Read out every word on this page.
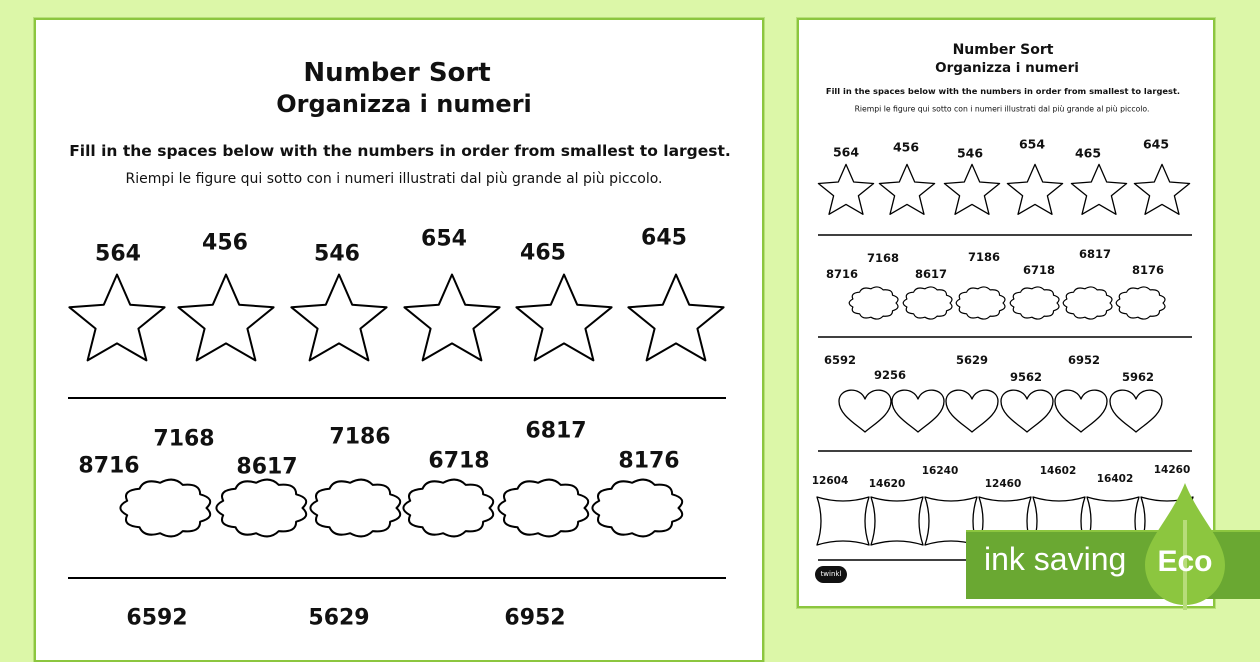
Number Sort
Organizza i numeri
Fill in the spaces below with the numbers in order from smallest to largest.
Riempi le figure qui sotto con i numeri illustrati dal più grande al più piccolo.
Number Sort
Organizza i numeri
Fill in the spaces below with the numbers in order from smallest to largest.
Riempi le figure qui sotto con i numeri illustrati dal più grande al più piccolo.
564	456	546
654
465
645
8716
7168
8617
7186
6718
6817
8176
6592	5629	6952
564	456	546
654
465
645
8716
7168
8617
7186
6718
6817
8176
6592
9256
5629
9562
6952
5962
12604 14620
16240
12460
14602
16402
14260
twinkl	ink saving Eco
